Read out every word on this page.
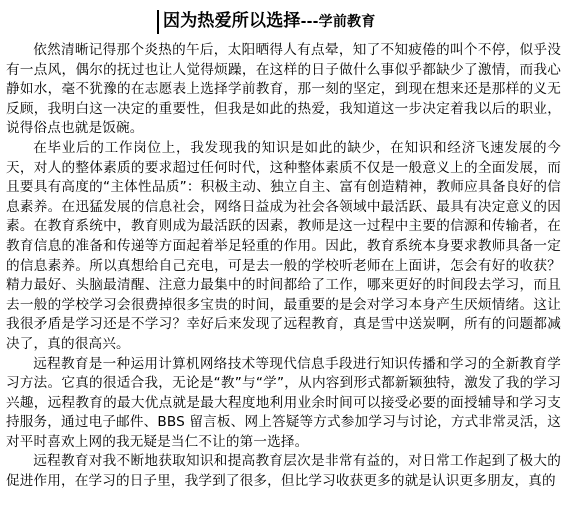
因为热爱所以选择---学前教育

依然清晰记得那个炎热的午后，太阳晒得人有点晕，知了不知疲倦的叫个不停，似乎没有一点风，偶尔的抚过也让人觉得烦躁，在这样的日子做什么事似乎都缺少了激情，而我心静如水，毫不犹豫的在志愿表上选择学前教育，那一刻的坚定，到现在想来还是那样的义无反顾，我明白这一决定的重要性，但我是如此的热爱，我知道这一步决定着我以后的职业，说得俗点也就是饭碗。

在毕业后的工作岗位上，我发现我的知识是如此的缺少，在知识和经济飞速发展的今天，对人的整体素质的要求超过任何时代，这种整体素质不仅是一般意义上的全面发展，而且要具有高度的“主体性品质”：积极主动、独立自主、富有创造精神，教师应具备良好的信息素养。在迅猛发展的信息社会，网络日益成为社会各领域中最活跃、最具有决定意义的因素。在教育系统中，教育则成为最活跃的因素，教师是这一过程中主要的信源和传输者，在教育信息的准备和传递等方面起着举足轻重的作用。因此，教育系统本身要求教师具备一定的信息素养。所以真想给自己充电，可是去一般的学校听老师在上面讲，怎会有好的收获？精力最好、头脑最清醒、注意力最集中的时间都给了工作，哪来更好的时间段去学习，而且去一般的学校学习会很费掉很多宝贵的时间，最重要的是会对学习本身产生厌烦情绪。这让我很矛盾是学习还是不学习？幸好后来发现了远程教育，真是雪中送炭啊，所有的问题都减决了，真的很高兴。

远程教育是一种运用计算机网络技术等现代信息手段进行知识传播和学习的全新教育学习方法。它真的很适合我，无论是“教”与“学”，从内容到形式都新颖独特，激发了我的学习兴趣，远程教育的最大优点就是最大程度地利用业余时间可以接受必要的面授辅导和学习支持服务，通过电子邮件、BBS 留言板、网上答疑等方式参加学习与讨论，方式非常灵活，这对平时喜欢上网的我无疑是当仁不让的第一选择。

远程教育对我不断地获取知识和提高教育层次是非常有益的，对日常工作起到了极大的促进作用，在学习的日子里，我学到了很多，但比学习收获更多的就是认识更多朋友，真的
